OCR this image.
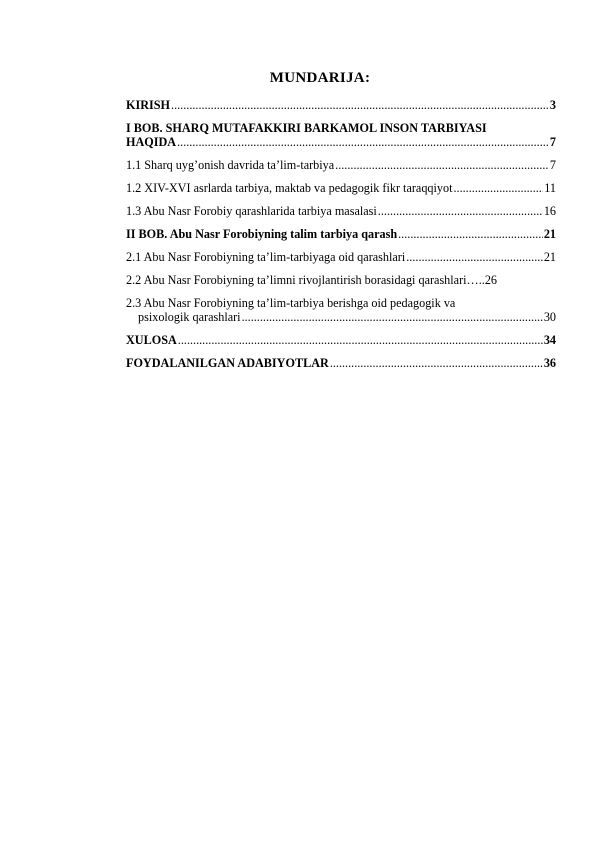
MUNDARIJA:
KIRISH .....	3
I BOB. SHARQ MUTAFAKKIRI BARKAMOL INSON TARBIYASI
HAQIDA .....	7
1.1 Sharq uyg’onish davrida ta’lim-tarbiya .....	7
1.2 XIV-XVI asrlarda tarbiya, maktab va pedagogik fikr taraqqiyot .....	11
1.3 Abu Nasr Forobiy qarashlarida tarbiya masalasi .....	16
II BOB. Abu Nasr Forobiyning talim tarbiya qarash .....	21
2.1 Abu Nasr Forobiyning ta’lim-tarbiyaga oid qarashlari .....	21
2.2 Abu Nasr Forobiyning ta’limni rivojlantirish borasidagi qarashlari….. 26
2.3 Abu Nasr Forobiyning ta’lim-tarbiya berishga oid pedagogik va
psixologik qarashlari .....	30
XULOSA .....	34
FOYDALANILGAN ADABIYOTLAR .....	36
